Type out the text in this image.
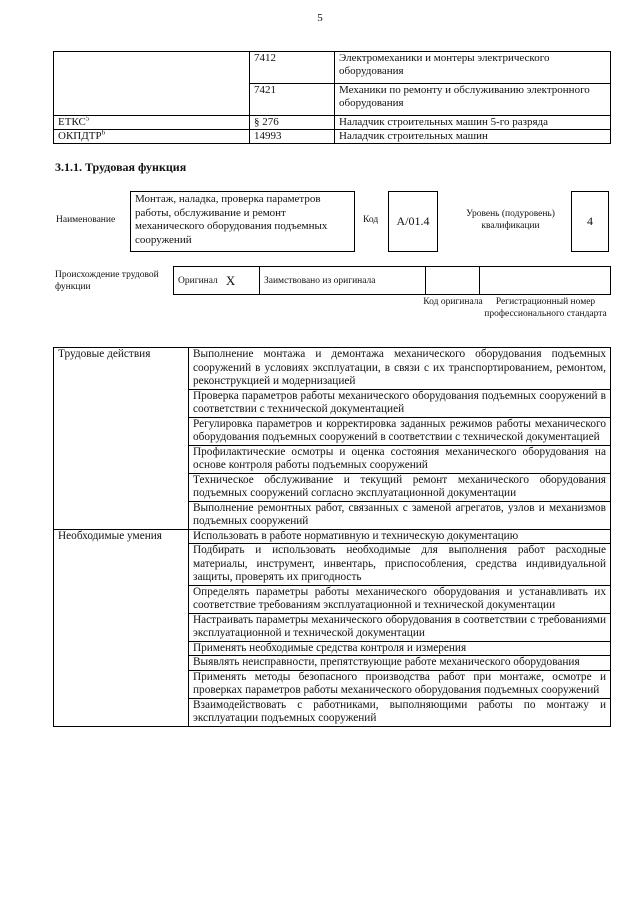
5
	7412	Электромеханики и монтеры электрического оборудования
	7421	Механики по ремонту и обслуживанию электронного оборудования
ЕТКС$^5$	§ 276	Наладчик строительных машин 5-го разряда
ОКПДТР$^6$	14993	Наладчик строительных машин
3.1.1. Трудовая функция
Наименование
Монтаж, наладка, проверка параметров работы, обслуживание и ремонт механического оборудования подъемных сооружений
Код	А/01.4	Уровень (подуровень) квалификации	4
Происхождение трудовой функции
Оригинал X	Заимствовано из оригинала
Код оригинала	Регистрационный номер профессионального стандарта
Трудовые действия	Выполнение монтажа и демонтажа механического оборудования подъемных сооружений в условиях эксплуатации, в связи с их транспортированием, ремонтом, реконструкцией и модернизацией
	Проверка параметров работы механического оборудования подъемных сооружений в соответствии с технической документацией
	Регулировка параметров и корректировка заданных режимов работы механического оборудования подъемных сооружений в соответствии с технической документацией
	Профилактические осмотры и оценка состояния механического оборудования на основе контроля работы подъемных сооружений
	Техническое обслуживание и текущий ремонт механического оборудования подъемных сооружений согласно эксплуатационной документации
	Выполнение ремонтных работ, связанных с заменой агрегатов, узлов и механизмов подъемных сооружений
Необходимые умения	Использовать в работе нормативную и техническую документацию
	Подбирать и использовать необходимые для выполнения работ расходные материалы, инструмент, инвентарь, приспособления, средства индивидуальной защиты, проверять их пригодность
	Определять параметры работы механического оборудования и устанавливать их соответствие требованиям эксплуатационной и технической документации
	Настраивать параметры механического оборудования в соответствии с требованиями эксплуатационной и технической документации
	Применять необходимые средства контроля и измерения
	Выявлять неисправности, препятствующие работе механического оборудования
	Применять методы безопасного производства работ при монтаже, осмотре и проверках параметров работы механического оборудования подъемных сооружений
	Взаимодействовать с работниками, выполняющими работы по монтажу и эксплуатации подъемных сооружений
